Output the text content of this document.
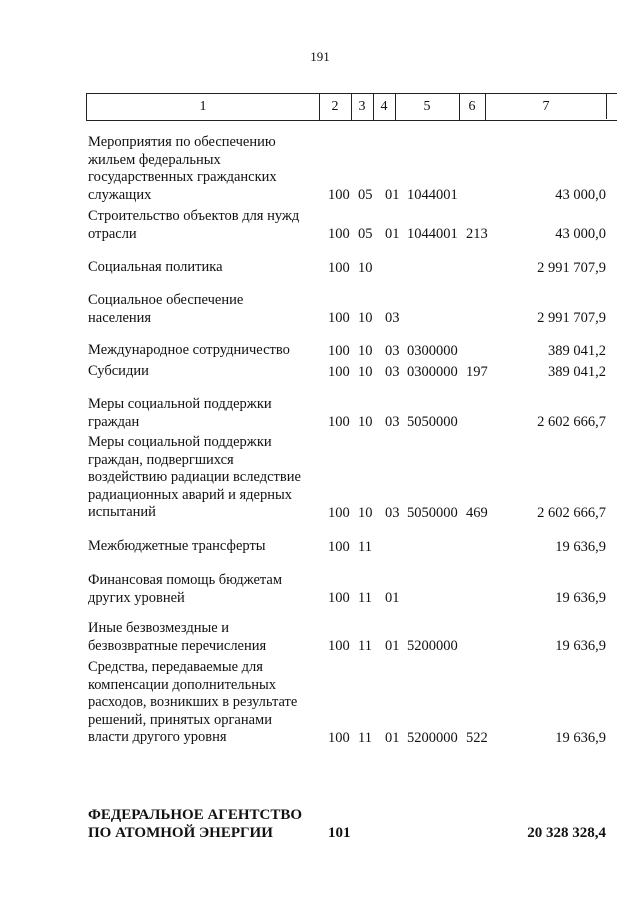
191
1	2	3	4	5	6	7
Мероприятия по обеспечению
жильем федеральных
государственных гражданских
служащих	100 05 01 1044001	43 000,0
Строительство объектов для нужд
отрасли	100 05 01 1044001 213	43 000,0
Социальная политика	100 10	2 991 707,9
Социальное обеспечение
населения	100 10 03	2 991 707,9
Международное сотрудничество	100 10 03 0300000	389 041,2
Субсидии	100 10 03 0300000 197	389 041,2
Меры социальной поддержки
граждан	100 10 03 5050000	2 602 666,7
Меры социальной поддержки
граждан, подвергшихся
воздействию радиации вследствие
радиационных аварий и ядерных
испытаний	100 10 03 5050000 469	2 602 666,7
Межбюджетные трансферты	100 11	19 636,9
Финансовая помощь бюджетам
других уровней	100 11 01	19 636,9
Иные безвозмездные и
безвозвратные перечисления	100 11 01 5200000	19 636,9
Средства, передаваемые для
компенсации дополнительных
расходов, возникших в результате
решений, принятых органами
власти другого уровня	100 11 01 5200000 522	19 636,9
ФЕДЕРАЛЬНОЕ АГЕНТСТВО
ПО АТОМНОЙ ЭНЕРГИИ	101	20 328 328,4
